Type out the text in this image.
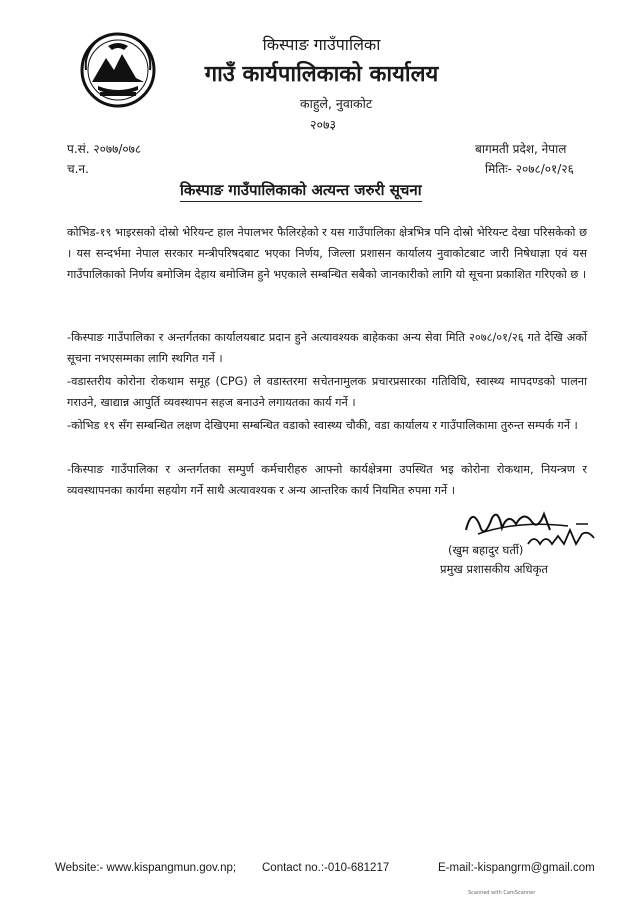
किस्पाङ गाउँपालिका
गाउँ कार्यपालिकाको कार्यालय
काहुले, नुवाकोट
२०७३
प.सं. २०७७/०७८
च.न.
बागमती प्रदेश, नेपाल
मितिः- २०७८/०१/२६
किस्पाङ गाउँपालिकाको अत्यन्त जरुरी सूचना

कोभिड-१९ भाइरसको दोस्रो भेरियन्ट हाल नेपालभर फैलिरहेको र यस गाउँपालिका क्षेत्रभित्र पनि दोस्रो भेरियन्ट देखा परिसकेको छ । यस सन्दर्भमा नेपाल सरकार मन्त्रीपरिषदबाट भएका निर्णय, जिल्ला प्रशासन कार्यालय नुवाकोटबाट जारी निषेधाज्ञा एवं यस गाउँपालिकाको निर्णय बमोजिम देहाय बमोजिम हुने भएकाले सम्बन्धित सबैको जानकारीको लागि यो सूचना प्रकाशित गरिएको छ ।

-किस्पाङ गाउँपालिका र अन्तर्गतका कार्यालयबाट प्रदान हुने अत्यावश्यक बाहेकका अन्य सेवा मिति २०७८/०१/२६ गते देखि अर्को सूचना नभएसम्मका लागि स्थगित गर्ने ।

-वडास्तरीय कोरोना रोकथाम समूह (CPG) ले वडास्तरमा सचेतनामुलक प्रचारप्रसारका गतिविधि, स्वास्थ्य मापदण्डको पालना गराउने, खाद्यान्न आपुर्ति व्यवस्थापन सहज बनाउने लगायतका कार्य गर्ने ।

-कोभिड १९ सँग सम्बन्धित लक्षण देखिएमा सम्बन्धित वडाको स्वास्थ्य चौकी, वडा कार्यालय र गाउँपालिकामा तुरुन्त सम्पर्क गर्ने ।

-किस्पाङ गाउँपालिका र अन्तर्गतका सम्पुर्ण कर्मचारीहरु आफ्नो कार्यक्षेत्रमा उपस्थित भइ कोरोना रोकथाम, नियन्त्रण र व्यवस्थापनका कार्यमा सहयोग गर्ने साथै अत्यावश्यक र अन्य आन्तरिक कार्य नियमित रुपमा गर्ने ।

(खुम बहादुर घर्ती)
प्रमुख प्रशासकीय अधिकृत
Website:- www.kispangmun.gov.np; Contact no.:-010-681217	E-mail:-kispangrm@gmail.com
Scanned with CamScanner
